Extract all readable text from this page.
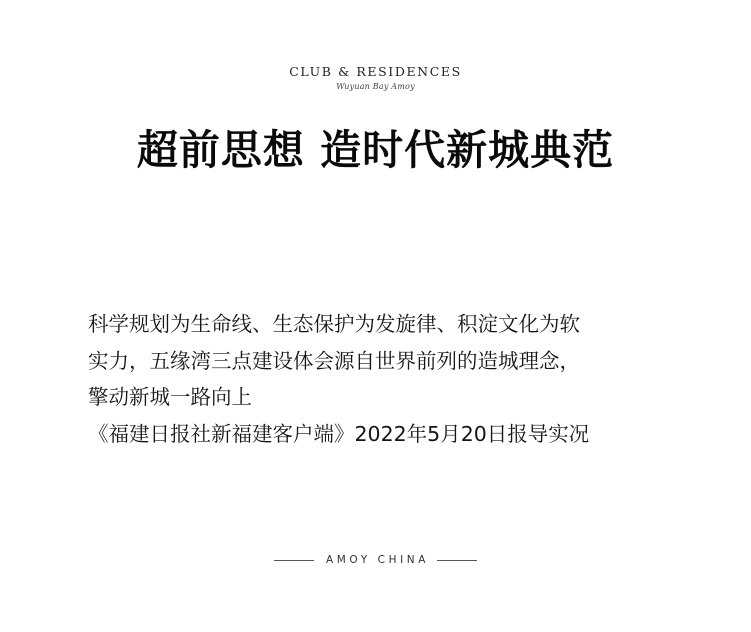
CLUB & RESIDENCES
Wuyuan Bay Amoy
超前思想 造时代新城典范

科学规划为生命线、生态保护为发旋律、积淀文化为软

实力，五缘湾三点建设体会源自世界前列的造城理念，

擎动新城一路向上

《福建日报社新福建客户端》2022年5月20日报导实况

AMOY CHINA
